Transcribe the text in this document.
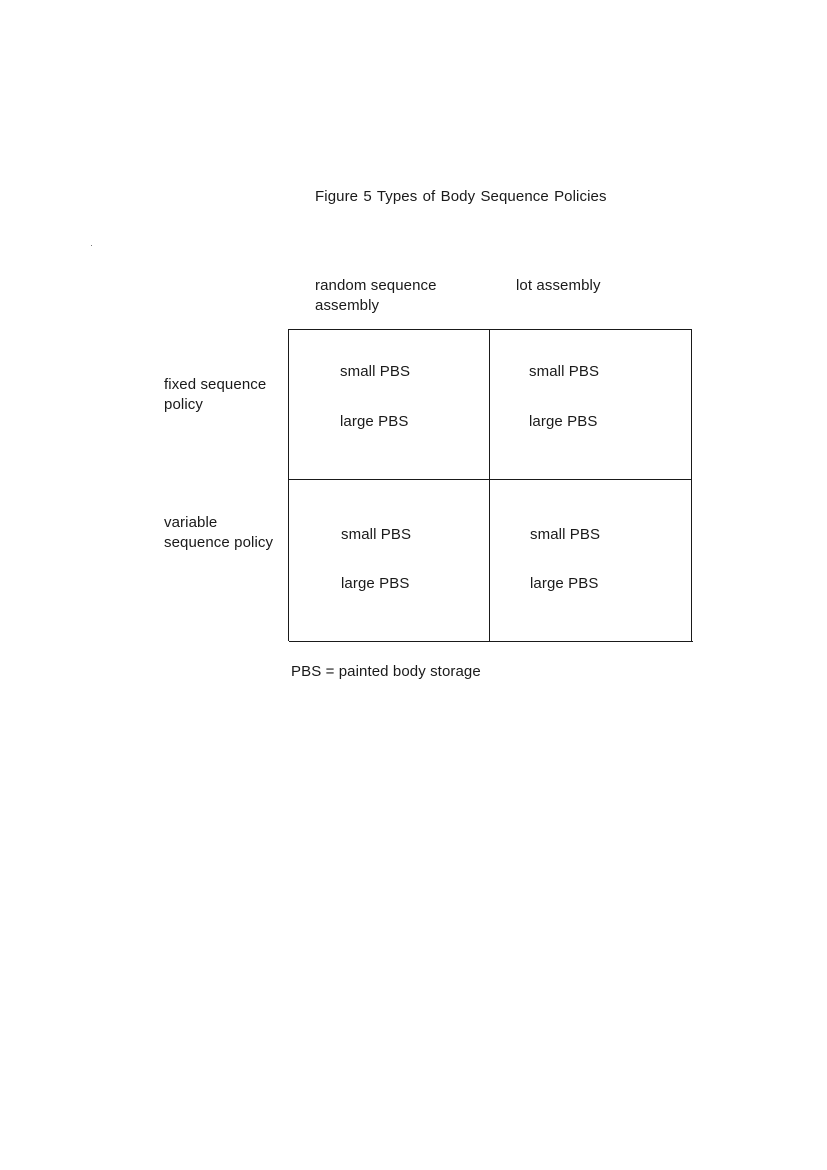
Figure 5 Types of Body Sequence Policies
random sequence assembly
lot assembly
fixed sequence policy
variable sequence policy
small PBS
large PBS
small PBS
large PBS
small PBS
large PBS
small PBS
large PBS
PBS = painted body storage
